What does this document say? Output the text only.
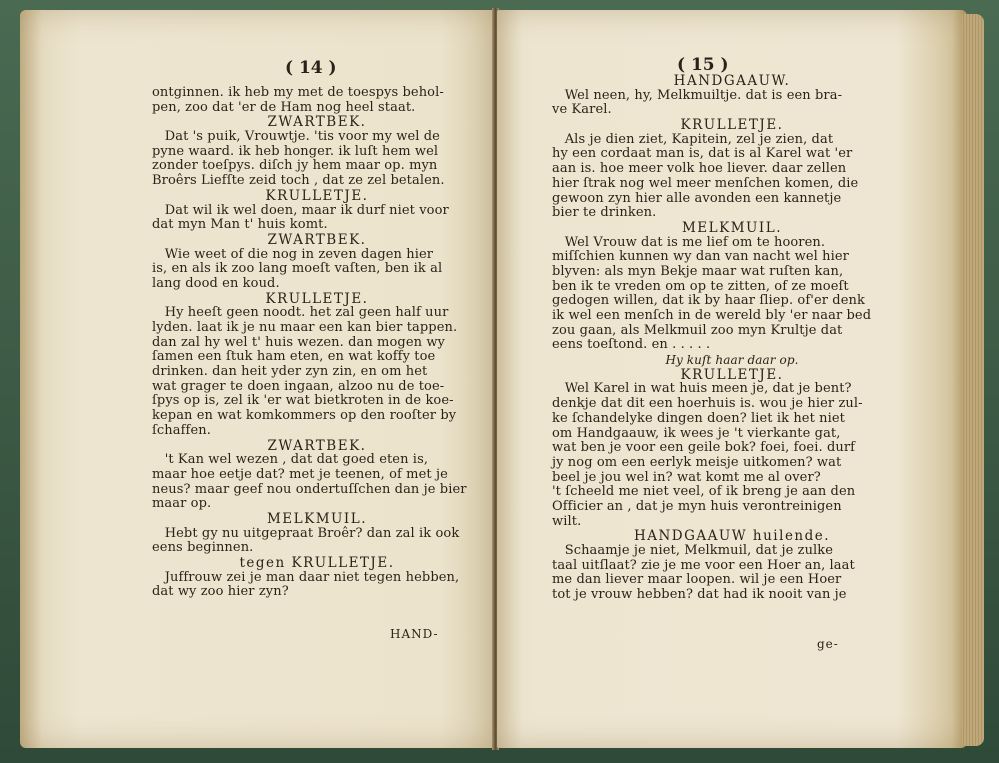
( 14 )
ontginnen. ik heb my met de toespys behol-
pen, zoo dat 'er de Ham nog heel staat.
ZWARTBEK.
Dat 's puik, Vrouwtje. 'tis voor my wel de
pyne waard. ik heb honger. ik luſt hem wel
zonder toeſpys. diſch jy hem maar op. myn
Broêrs Liefſte zeid toch , dat ze zel betalen.
KRULLETJE.
Dat wil ik wel doen, maar ik durf niet voor
dat myn Man t' huis komt.
ZWARTBEK.
Wie weet of die nog in zeven dagen hier
is, en als ik zoo lang moeſt vaſten, ben ik al
lang dood en koud.
KRULLETJE.
Hy heeſt geen noodt. het zal geen half uur
lyden. laat ik je nu maar een kan bier tappen.
dan zal hy wel t' huis wezen. dan mogen wy
ſamen een ſtuk ham eten, en wat koffy toe
drinken. dan heit yder zyn zin, en om het
wat grager te doen ingaan, alzoo nu de toe-
ſpys op is, zel ik 'er wat bietkroten in de koe-
kepan en wat komkommers op den rooſter by
ſchaffen.
ZWARTBEK.
't Kan wel wezen , dat dat goed eten is,
maar hoe eetje dat? met je teenen, of met je
neus? maar geef nou ondertuſſchen dan je bier
maar op.
MELKMUIL.
Hebt gy nu uitgepraat Broêr? dan zal ik ook
eens beginnen.
tegen KRULLETJE.
Juffrouw zei je man daar niet tegen hebben,
dat wy zoo hier zyn?
HAND-
( 15 )
HANDGAAUW.
Wel neen, hy, Melkmuiltje. dat is een bra-
ve Karel.
KRULLETJE.
Als je dien ziet, Kapitein, zel je zien, dat
hy een cordaat man is, dat is al Karel wat 'er
aan is. hoe meer volk hoe liever. daar zellen
hier ſtrak nog wel meer menſchen komen, die
gewoon zyn hier alle avonden een kannetje
bier te drinken.
MELKMUIL.
Wel Vrouw dat is me lief om te hooren.
miſſchien kunnen wy dan van nacht wel hier
blyven: als myn Bekje maar wat ruſten kan,
ben ik te vreden om op te zitten, of ze moeſt
gedogen willen, dat ik by haar ſliep. of'er denk
ik wel een menſch in de wereld bly 'er naar bed
zou gaan, als Melkmuil zoo myn Krultje dat
eens toeſtond. en . . . . .
Hy kuſt haar daar op.
KRULLETJE.
Wel Karel in wat huis meen je, dat je bent?
denkje dat dit een hoerhuis is. wou je hier zul-
ke ſchandelyke dingen doen? liet ik het niet
om Handgaauw, ik wees je 't vierkante gat,
wat ben je voor een geile bok? foei, foei. durf
jy nog om een eerlyk meisje uitkomen? wat
beel je jou wel in? wat komt me al over?
't ſcheeld me niet veel, of ik breng je aan den
Officier an , dat je myn huis verontreinigen
wilt.
HANDGAAUW huilende.
Schaamje je niet, Melkmuil, dat je zulke
taal uitſlaat? zie je me voor een Hoer an, laat
me dan liever maar loopen. wil je een Hoer
tot je vrouw hebben? dat had ik nooit van je
ge-
